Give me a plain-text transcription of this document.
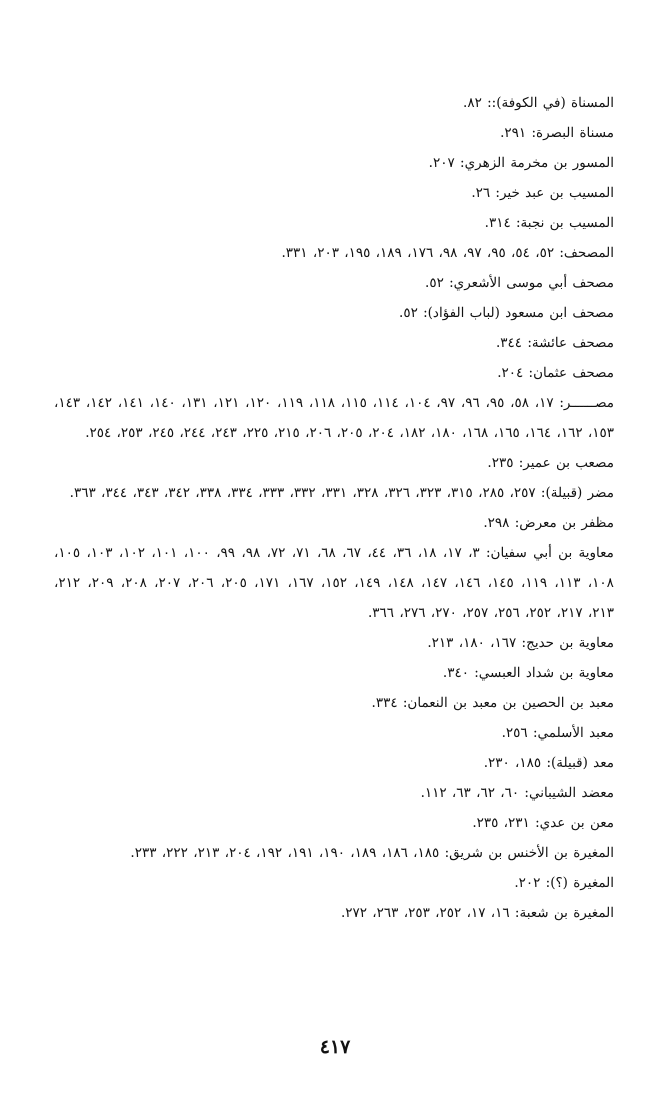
المسناة (في الكوفة):: ٨٢.
مسناة البصرة: ٢٩١.
المسور بن مخرمة الزهري: ٢٠٧.
المسيب بن عبد خير: ٢٦.
المسيب بن نجبة: ٣١٤.
المصحف: ٥٢، ٥٤، ٩٥، ٩٧، ٩٨، ١٧٦، ١٨٩، ١٩٥، ٢٠٣، ٣٣١.
مصحف أبي موسى الأشعري: ٥٢.
مصحف ابن مسعود (لباب الفؤاد): ٥٢.
مصحف عائشة: ٣٤٤.
مصحف عثمان: ٢٠٤.
مصــــــر: ١٧، ٥٨، ٩٥، ٩٦، ٩٧، ١٠٤، ١١٤، ١١٥، ١١٨، ١١٩، ١٢٠، ١٢١، ١٣١، ١٤٠، ١٤١، ١٤٢، ١٤٣، ١٥٣، ١٦٢، ١٦٤، ١٦٥، ١٦٨، ١٨٠، ١٨٢، ٢٠٤، ٢٠٥، ٢٠٦، ٢١٥، ٢٢٥، ٢٤٣، ٢٤٤، ٢٤٥، ٢٥٣، ٢٥٤.
مصعب بن عمير: ٢٣٥.
مضر (قبيلة): ٢٥٧، ٢٨٥، ٣١٥، ٣٢٣، ٣٢٦، ٣٢٨، ٣٣١، ٣٣٢، ٣٣٣، ٣٣٤، ٣٣٨، ٣٤٢، ٣٤٣، ٣٤٤، ٣٦٣.
مظفر بن معرض: ٢٩٨.
معاوية بن أبي سفيان: ٣، ١٧، ١٨، ٣٦، ٤٤، ٦٧، ٦٨، ٧١، ٧٢، ٩٨، ٩٩، ١٠٠، ١٠١، ١٠٢، ١٠٣، ١٠٥، ١٠٨، ١١٣، ١١٩، ١٤٥، ١٤٦، ١٤٧، ١٤٨، ١٤٩، ١٥٢، ١٦٧، ١٧١، ٢٠٥، ٢٠٦، ٢٠٧، ٢٠٨، ٢٠٩، ٢١٢، ٢١٣، ٢١٧، ٢٥٢، ٢٥٦، ٢٥٧، ٢٧٠، ٢٧٦، ٣٦٦.
معاوية بن حديج: ١٦٧، ١٨٠، ٢١٣.
معاوية بن شداد العبسي: ٣٤٠.
معبد بن الحصين بن معبد بن النعمان: ٣٣٤.
معبد الأسلمي: ٢٥٦.
معد (قبيلة): ١٨٥، ٢٣٠.
معضد الشيباني: ٦٠، ٦٢، ٦٣، ١١٢.
معن بن عدي: ٢٣١، ٢٣٥.
المغيرة بن الأخنس بن شريق: ١٨٥، ١٨٦، ١٨٩، ١٩٠، ١٩١، ١٩٢، ٢٠٤، ٢١٣، ٢٢٢، ٢٣٣.
المغيرة (؟): ٢٠٢.
المغيرة بن شعبة: ١٦، ١٧، ٢٥٢، ٢٥٣، ٢٦٣، ٢٧٢.
٤١٧
